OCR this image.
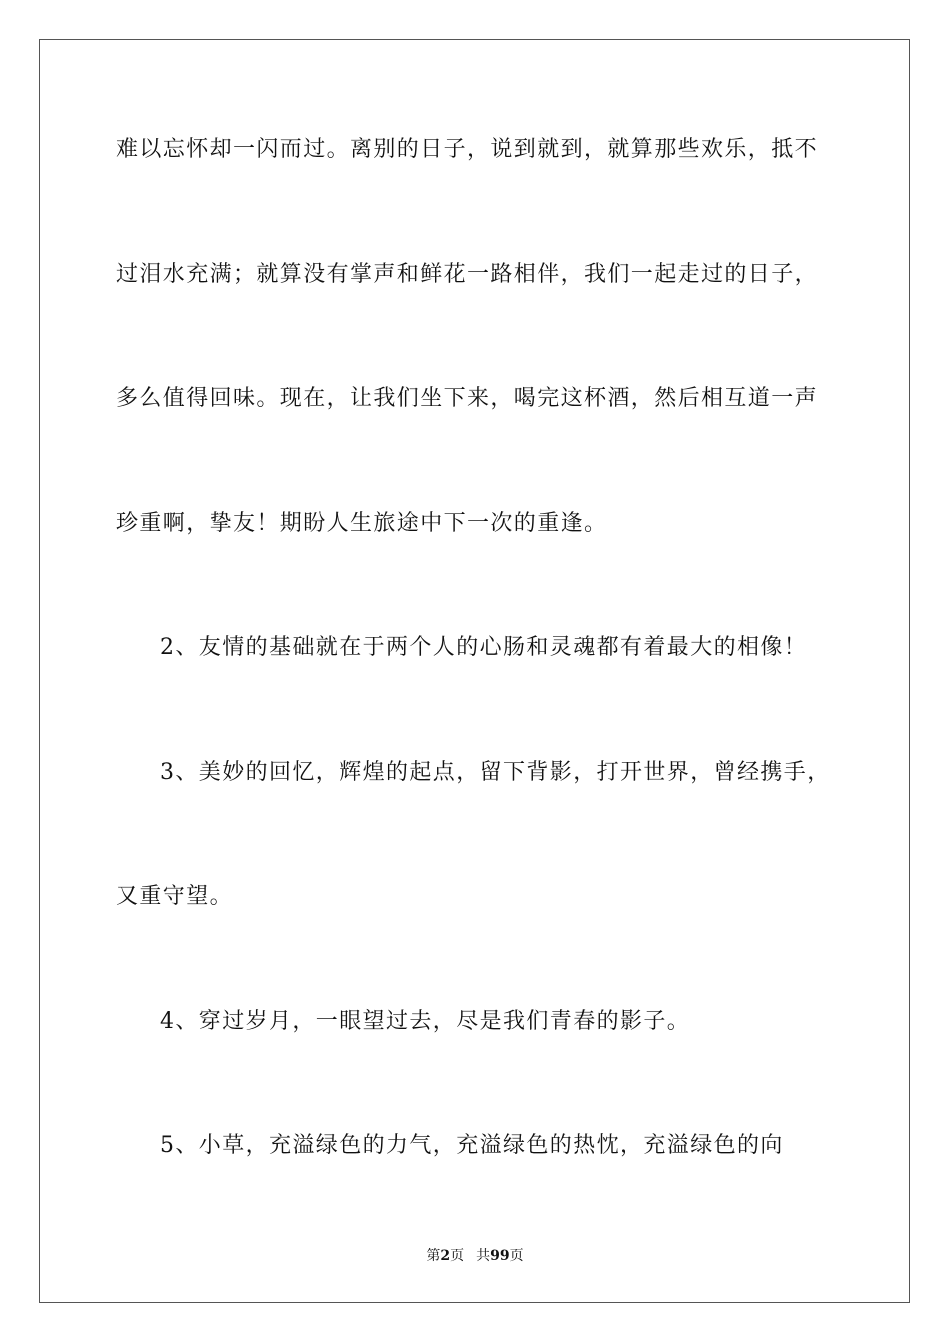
难以忘怀却一闪而过。离别的日子，说到就到，就算那些欢乐，抵不
过泪水充满；就算没有掌声和鲜花一路相伴，我们一起走过的日子，
多么值得回味。现在，让我们坐下来，喝完这杯酒，然后相互道一声
珍重啊，挚友！期盼人生旅途中下一次的重逢。
2、友情的基础就在于两个人的心肠和灵魂都有着最大的相像！
3、美妙的回忆，辉煌的起点，留下背影，打开世界，曾经携手，
又重守望。
4、穿过岁月，一眼望过去，尽是我们青春的影子。
5、小草，充溢绿色的力气，充溢绿色的热忱，充溢绿色的向
第2页 共99页
